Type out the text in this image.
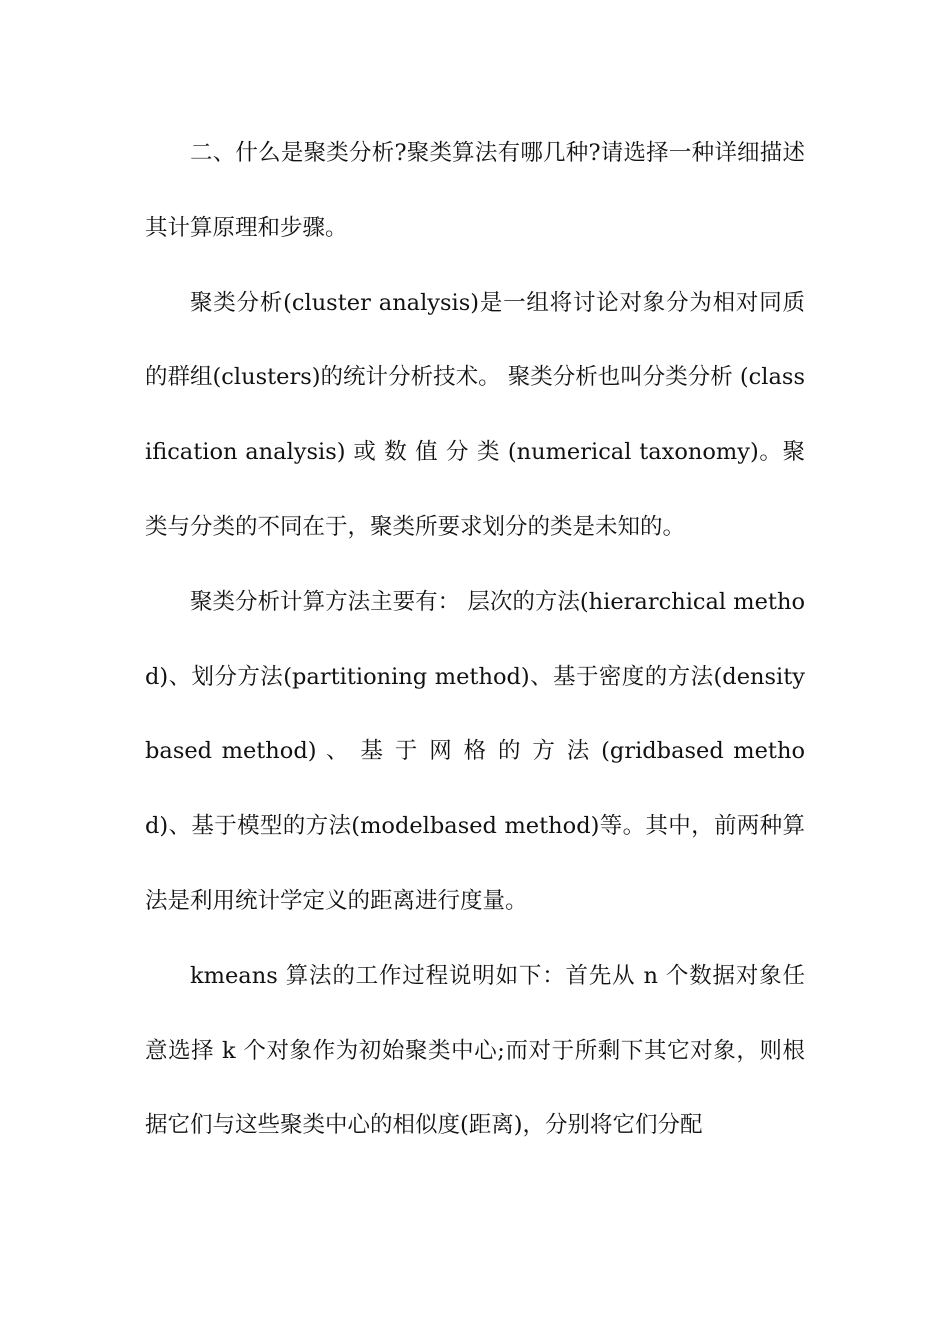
二、什么是聚类分析?聚类算法有哪几种?请选择一种详细描述其计算原理和步骤。

聚类分析(cluster analysis)是一组将讨论对象分为相对同质的群组(clusters)的统计分析技术。 聚类分析也叫分类分析 (classification analysis) 或 数 值 分 类 (numerical taxonomy)。聚类与分类的不同在于，聚类所要求划分的类是未知的。

聚类分析计算方法主要有： 层次的方法(hierarchical method)、划分方法(partitioning method)、基于密度的方法(densitybased method) 、 基 于 网 格 的 方 法 (gridbased method)、基于模型的方法(modelbased method)等。其中，前两种算法是利用统计学定义的距离进行度量。

kmeans 算法的工作过程说明如下：首先从 n 个数据对象任意选择 k 个对象作为初始聚类中心;而对于所剩下其它对象，则根据它们与这些聚类中心的相似度(距离)，分别将它们分配
